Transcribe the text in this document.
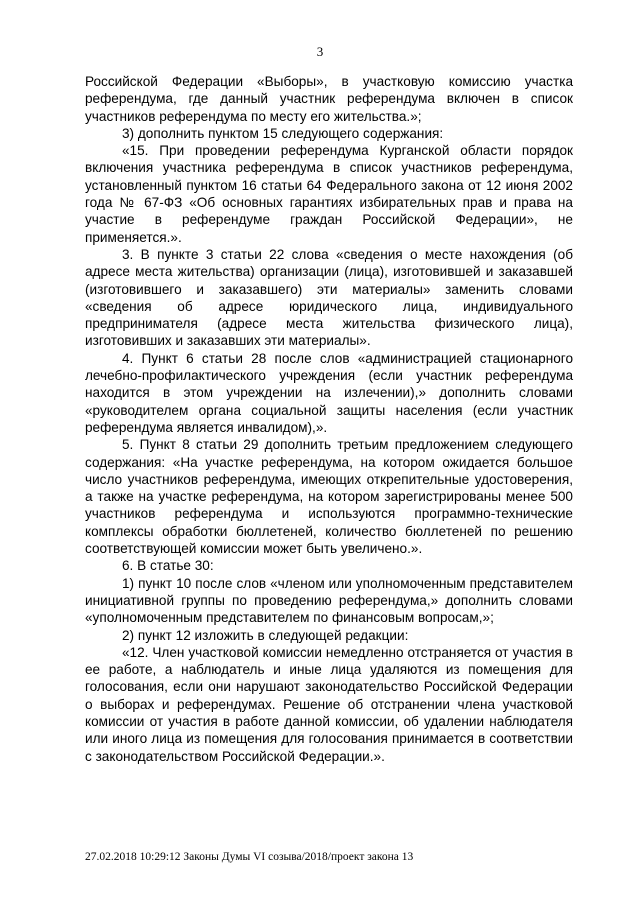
3

Российской Федерации «Выборы», в участковую комиссию участка референдума, где данный участник референдума включен в список участников референдума по месту его жительства.»;

3) дополнить пунктом 15 следующего содержания:

«15. При проведении референдума Курганской области порядок включения участника референдума в список участников референдума, установленный пунктом 16 статьи 64 Федерального закона от 12 июня 2002 года № 67-ФЗ «Об основных гарантиях избирательных прав и права на участие в референдуме граждан Российской Федерации», не применяется.».

3. В пункте 3 статьи 22 слова «сведения о месте нахождения (об адресе места жительства) организации (лица), изготовившей и заказавшей (изготовившего и заказавшего) эти материалы» заменить словами «сведения об адресе юридического лица, индивидуального предпринимателя (адресе места жительства физического лица), изготовивших и заказавших эти материалы».

4. Пункт 6 статьи 28 после слов «администрацией стационарного лечебно-профилактического учреждения (если участник референдума находится в этом учреждении на излечении),» дополнить словами «руководителем органа социальной защиты населения (если участник референдума является инвалидом),».

5. Пункт 8 статьи 29 дополнить третьим предложением следующего содержания: «На участке референдума, на котором ожидается большое число участников референдума, имеющих открепительные удостоверения, а также на участке референдума, на котором зарегистрированы менее 500 участников референдума и используются программно-технические комплексы обработки бюллетеней, количество бюллетеней по решению соответствующей комиссии может быть увеличено.».

6. В статье 30:

1) пункт 10 после слов «членом или уполномоченным представителем инициативной группы по проведению референдума,» дополнить словами «уполномоченным представителем по финансовым вопросам,»;

2) пункт 12 изложить в следующей редакции:

«12. Член участковой комиссии немедленно отстраняется от участия в ее работе, а наблюдатель и иные лица удаляются из помещения для голосования, если они нарушают законодательство Российской Федерации о выборах и референдумах. Решение об отстранении члена участковой комиссии от участия в работе данной комиссии, об удалении наблюдателя или иного лица из помещения для голосования принимается в соответствии с законодательством Российской Федерации.».

27.02.2018 10:29:12 Законы Думы VI созыва/2018/проект закона 13
